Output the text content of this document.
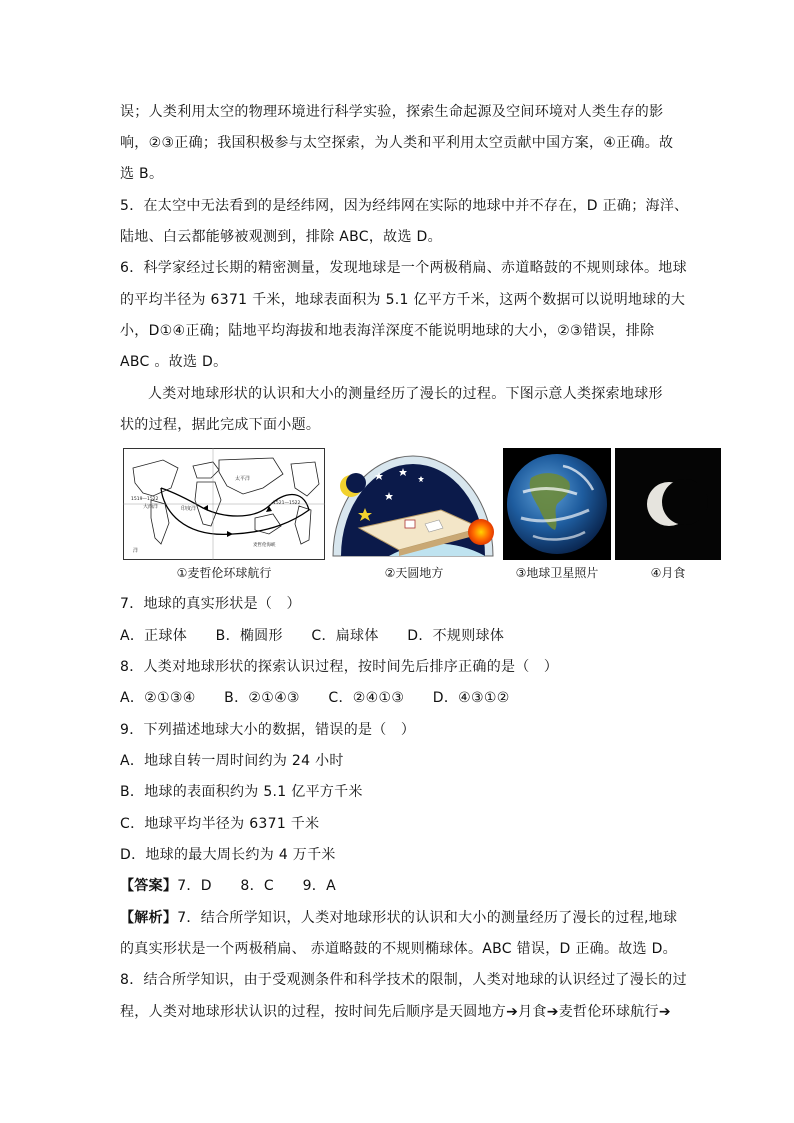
误；人类利用太空的物理环境进行科学实验，探索生命起源及空间环境对人类生存的影
响，②③正确；我国积极参与太空探索，为人类和平利用太空贡献中国方案，④正确。故
选 B。
5．在太空中无法看到的是经纬网，因为经纬网在实际的地球中并不存在，D 正确；海洋、
陆地、白云都能够被观测到，排除 ABC，故选 D。
6．科学家经过长期的精密测量，发现地球是一个两极稍扁、赤道略鼓的不规则球体。地球
的平均半径为 6371 千米，地球表面积为 5.1 亿平方千米，这两个数据可以说明地球的大
小，D①④正确；陆地平均海拔和地表海洋深度不能说明地球的大小，②③错误，排除
ABC 。故选 D。
人类对地球形状的认识和大小的测量经历了漫长的过程。下图示意人类探索地球形
状的过程，据此完成下面小题。
太平洋
大西洋	印度洋
1519—1522
1521—1522
麦哲伦海峡
洋
①麦哲伦环球航行	②天圆地方	③地球卫星照片	④月食
7．地球的真实形状是（　）
A．正球体　　B．椭圆形　　C．扁球体　　D．不规则球体
8．人类对地球形状的探索认识过程，按时间先后排序正确的是（　）
A．②①③④　　B．②①④③　　C．②④①③　　D．④③①②
9．下列描述地球大小的数据，错误的是（　）
A．地球自转一周时间约为 24 小时
B．地球的表面积约为 5.1 亿平方千米
C．地球平均半径为 6371 千米
D．地球的最大周长约为 4 万千米
【答案】7．D　　8．C　　9．A
【解析】7．结合所学知识，人类对地球形状的认识和大小的测量经历了漫长的过程,地球
的真实形状是一个两极稍扁、 赤道略鼓的不规则椭球体。ABC 错误，D 正确。故选 D。
8．结合所学知识，由于受观测条件和科学技术的限制，人类对地球的认识经过了漫长的过
程，人类对地球形状认识的过程，按时间先后顺序是天圆地方➔月食➔麦哲伦环球航行➔
